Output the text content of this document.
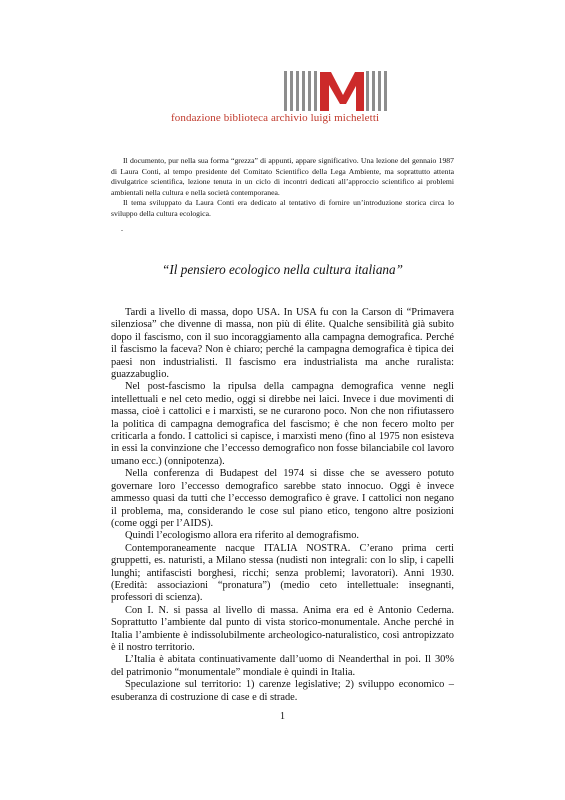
fondazione biblioteca archivio luigi micheletti

Il documento, pur nella sua forma “grezza” di appunti, appare significativo. Una lezione del gennaio 1987 di Laura Conti, al tempo presidente del Comitato Scientifico della Lega Ambiente, ma soprattutto attenta divulgatrice scientifica, lezione tenuta in un ciclo di incontri dedicati all’approccio scientifico ai problemi ambientali nella cultura e nella società contemporanea.

Il tema sviluppato da Laura Conti era dedicato al tentativo di fornire un’introduzione storica circa lo sviluppo della cultura ecologica.

.
“Il pensiero ecologico nella cultura italiana”

Tardi a livello di massa, dopo USA. In USA fu con la Carson di “Primavera silenziosa” che divenne di massa, non più di élite. Qualche sensibilità già subito dopo il fascismo, con il suo incoraggiamento alla campagna demografica. Perché il fascismo la faceva? Non è chiaro; perché la campagna demografica è tipica dei paesi non industrialisti. Il fascismo era industrialista ma anche ruralista: guazzabuglio.

Nel post-fascismo la ripulsa della campagna demografica venne negli intellettuali e nel ceto medio, oggi si direbbe nei laici. Invece i due movimenti di massa, cioè i cattolici e i marxisti, se ne curarono poco. Non che non rifiutassero la politica di campagna demografica del fascismo; è che non fecero molto per criticarla a fondo. I cattolici si capisce, i marxisti meno (fino al 1975 non esisteva in essi la convinzione che l’eccesso demografico non fosse bilanciabile col lavoro umano ecc.) (onnipotenza).

Nella conferenza di Budapest del 1974 si disse che se avessero potuto governare loro l’eccesso demografico sarebbe stato innocuo. Oggi è invece ammesso quasi da tutti che l’eccesso demografico è grave. I cattolici non negano il problema, ma, considerando le cose sul piano etico, tengono altre posizioni (come oggi per l’AIDS).

Quindi l’ecologismo allora era riferito al demografismo.

Contemporaneamente nacque ITALIA NOSTRA. C’erano prima certi gruppetti, es. naturisti, a Milano stessa (nudisti non integrali: con lo slip, i capelli lunghi; antifascisti borghesi, ricchi; senza problemi; lavoratori). Anni 1930. (Eredità: associazioni “pronatura”) (medio ceto intellettuale: insegnanti, professori di scienza).

Con I. N. si passa al livello di massa. Anima era ed è Antonio Cederna. Soprattutto l’ambiente dal punto di vista storico-monumentale. Anche perché in Italia l’ambiente è indissolubilmente archeologico-naturalistico, così antropizzato è il nostro territorio.

L’Italia è abitata continuativamente dall’uomo di Neanderthal in poi. Il 30% del patrimonio “monumentale” mondiale è quindi in Italia.

Speculazione sul territorio: 1) carenze legislative; 2) sviluppo economico – esuberanza di costruzione di case e di strade.

1
